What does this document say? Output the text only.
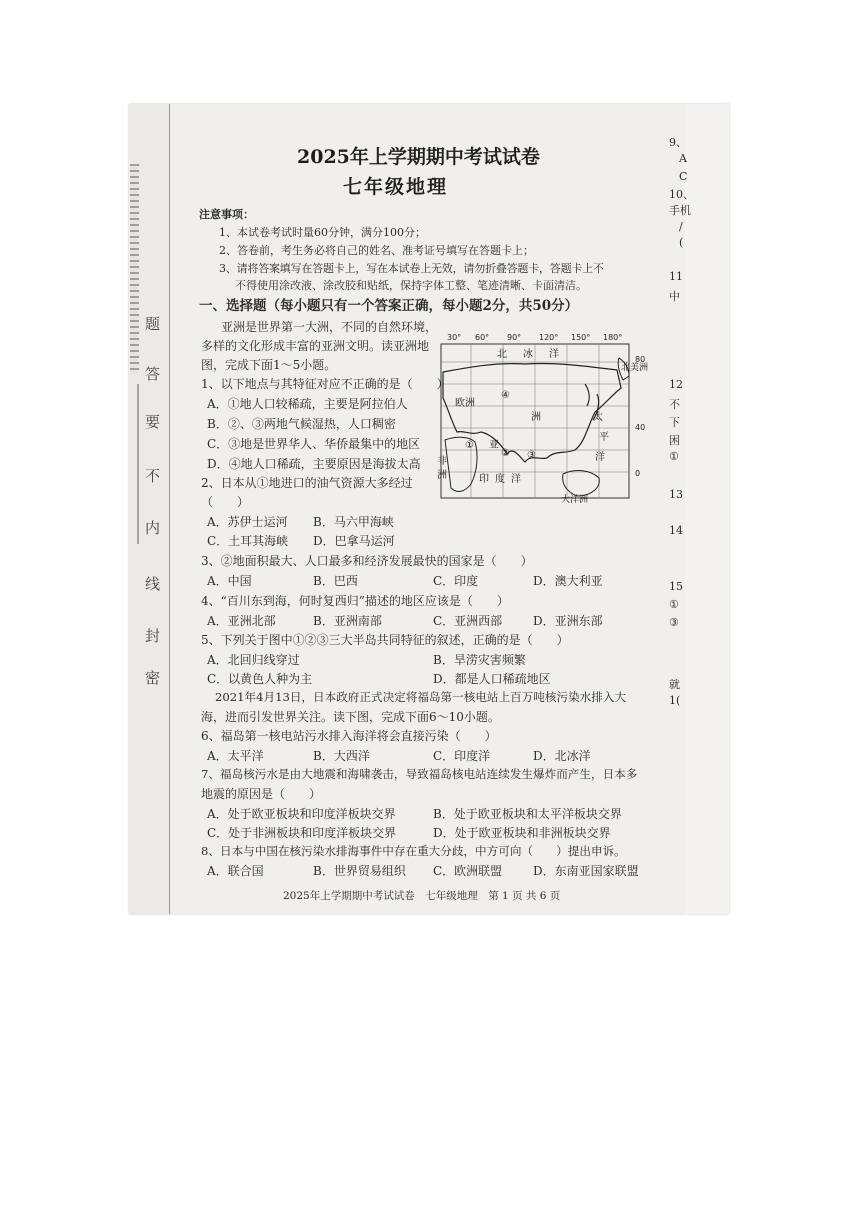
题
答
要
不
内
线
封
密
2025年上学期期中考试试卷
七年级地理
注意事项：
1、本试卷考试时量60分钟，满分100分；
2、答卷前，考生务必将自己的姓名、准考证号填写在答题卡上；
3、请将答案填写在答题卡上，写在本试卷上无效，请勿折叠答题卡，答题卡上不
不得使用涂改液、涂改胶和贴纸，保持字体工整、笔迹清晰、卡面清洁。
一、选择题（每小题只有一个答案正确，每小题2分，共50分）
亚洲是世界第一大洲，不同的自然环境，
多样的文化形成丰富的亚洲文明。读亚洲地
图，完成下面1～5小题。
1、以下地点与其特征对应不正确的是（　　）
A．①地人口较稀疏，主要是阿拉伯人
B．②、③两地气候湿热，人口稠密
C．③地是世界华人、华侨最集中的地区
D．④地人口稀疏，主要原因是海拔太高
2、日本从①地进口的油气资源大多经过
（　　）
A．苏伊士运河 B．马六甲海峡
C．土耳其海峡 D．巴拿马运河
3、②地面积最大、人口最多和经济发展最快的国家是（　　）
A．中国	B．巴西	C．印度	D．澳大利亚
4、“百川东到海，何时复西归”描述的地区应该是（　　）
A．亚洲北部	B．亚洲南部	C．亚洲西部	D．亚洲东部
5、下列关于图中①②③三大半岛共同特征的叙述，正确的是（　　）
A．北回归线穿过	B．旱涝灾害频繁
C．以黄色人种为主	D．都是人口稀疏地区
2021年4月13日，日本政府正式决定将福岛第一核电站上百万吨核污染水排入大
海，进而引发世界关注。读下图，完成下面6～10小题。
6、福岛第一核电站污水排入海洋将会直接污染（　　）
A．太平洋	B．大西洋	C．印度洋	D．北冰洋
7、福岛核污水是由大地震和海啸袭击，导致福岛核电站连续发生爆炸而产生，日本多
地震的原因是（　　）
A．处于欧亚板块和印度洋板块交界	B．处于欧亚板块和太平洋板块交界
C．处于非洲板块和印度洋板块交界	D．处于欧亚板块和非洲板块交界
8、日本与中国在核污染水排海事件中存在重大分歧，中方可向（　　）提出申诉。
A．联合国	B．世界贸易组织 C．欧洲联盟	D．东南亚国家联盟
2025年上学期期中考试试卷　七年级地理　第 1 页 共 6 页
30° 60° 90° 120° 150° 180°
80
40
0
北 冰 洋
太
平
洋
印 度 洋
欧洲
亚
洲
非
洲
北美洲
大洋洲
①
② ③
④
9、
A
C
10、
手机
/
(
11
中
12
不
下
困
①
13
14
15
①
③
就
1(
